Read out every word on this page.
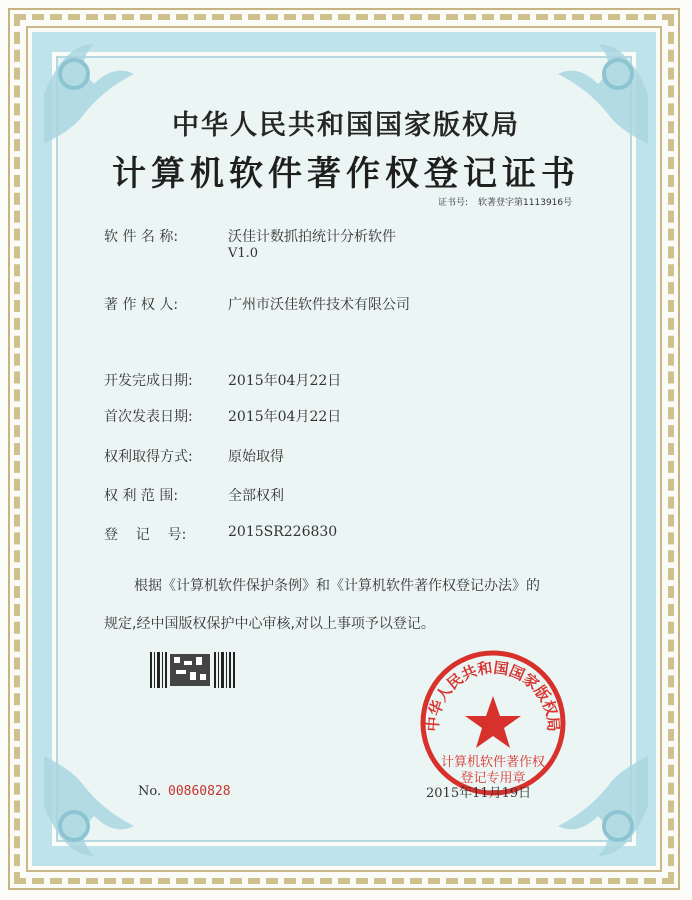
中华人民共和国国家版权局
计算机软件著作权登记证书
证书号: 软著登字第1113916号
软 件 名 称:	沃佳计数抓拍统计分析软件
V1.0
著 作 权 人:	广州市沃佳软件技术有限公司
开发完成日期:	2015年04月22日
首次发表日期:	2015年04月22日
权利取得方式:	原始取得
权 利 范 围:	全部权利
登    记    号:	2015SR226830
根据《计算机软件保护条例》和《计算机软件著作权登记办法》的
规定,经中国版权保护中心审核,对以上事项予以登记。
中华人民共和国国家版权局
计算机软件著作权
登记专用章
No. 00860828	2015年11月19日
